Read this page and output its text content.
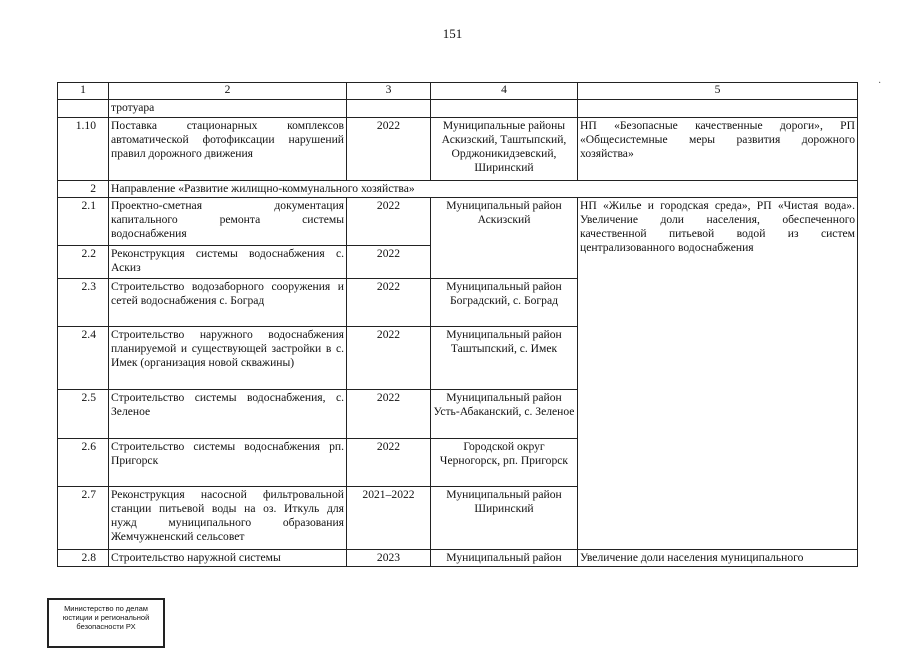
151
·
1	2	3	4	5
	тротуара			
1.10	Поставка стационарных комплексов автоматической фотофиксации нарушений правил дорожного движения	2022	Муниципальные районы Аскизский, Таштыпский, Орджоникидзевский, Ширинский	НП «Безопасные качественные дороги», РП «Общесистемные меры развития дорожного хозяйства»
2	Направление «Развитие жилищно-коммунального хозяйства»			
2.1	Проектно-сметная документация капитального ремонта системы водоснабжения	2022	Муниципальный район Аскизский	НП «Жилье и городская среда», РП «Чистая вода». Увеличение доли населения, обеспеченного качественной питьевой водой из систем централизованного водоснабжения
2.2	Реконструкция системы водоснабжения с. Аскиз	2022		
2.3	Строительство водозаборного сооружения и сетей водоснабжения с. Боград	2022	Муниципальный район Боградский, с. Боград	
2.4	Строительство наружного водоснабжения планируемой и существующей застройки в с. Имек (организация новой скважины)	2022	Муниципальный район Таштыпский, с. Имек	
2.5	Строительство системы водоснабжения, с. Зеленое	2022	Муниципальный район Усть-Абаканский, с. Зеленое	
2.6	Строительство системы водоснабжения рп. Пригорск	2022	Городской округ Черногорск, рп. Пригорск	
2.7	Реконструкция насосной фильтровальной станции питьевой воды на оз. Иткуль для нужд муниципального образования Жемчужненский сельсовет	2021–2022	Муниципальный район Ширинский	
2.8	Строительство наружной системы	2023	Муниципальный район	Увеличение доли населения муниципального
Министерство по делам
юстиции и региональной
безопасности РХ
